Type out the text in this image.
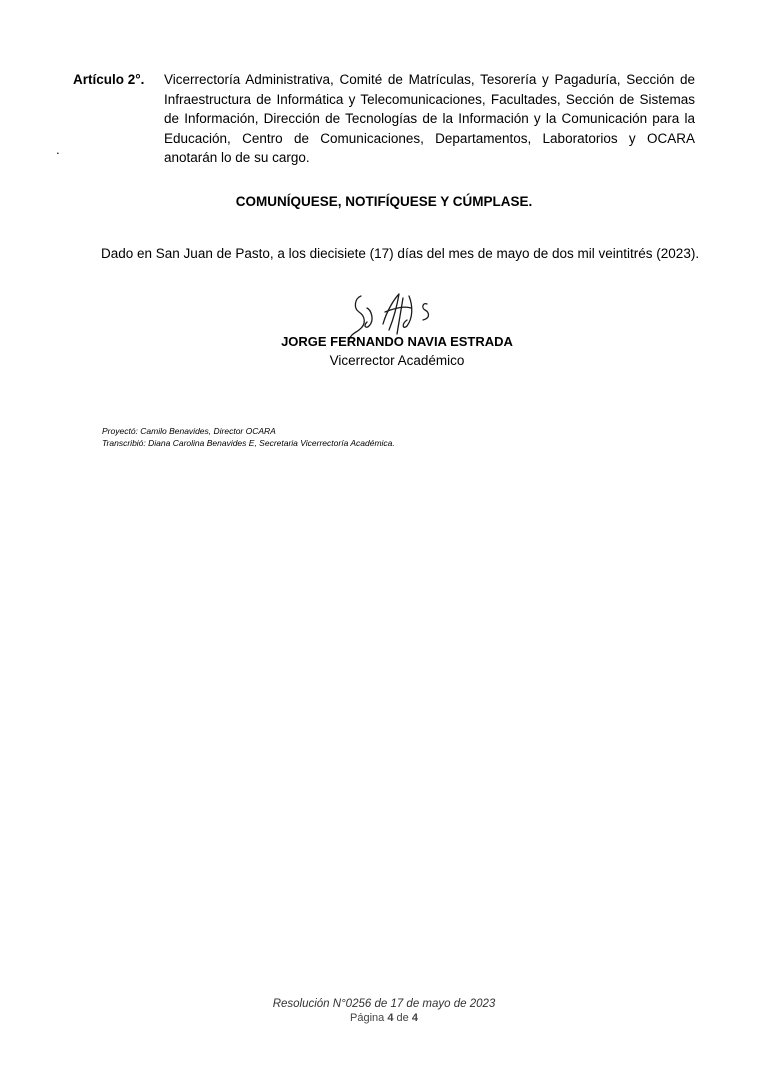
Artículo 2°. Vicerrectoría Administrativa, Comité de Matrículas, Tesorería y Pagaduría, Sección de Infraestructura de Informática y Telecomunicaciones, Facultades, Sección de Sistemas de Información, Dirección de Tecnologías de la Información y la Comunicación para la Educación, Centro de Comunicaciones, Departamentos, Laboratorios y OCARA anotarán lo de su cargo.
.
COMUNÍQUESE, NOTIFÍQUESE Y CÚMPLASE.
Dado en San Juan de Pasto, a los diecisiete (17) días del mes de mayo de dos mil veintitrés (2023).
JORGE FERNANDO NAVIA ESTRADA
Vicerrector Académico
Proyectó: Camilo Benavides, Director OCARA
Transcribió: Diana Carolina Benavides E, Secretaria Vicerrectoría Académica.
Resolución N°0256 de 17 de mayo de 2023
Página 4 de 4
